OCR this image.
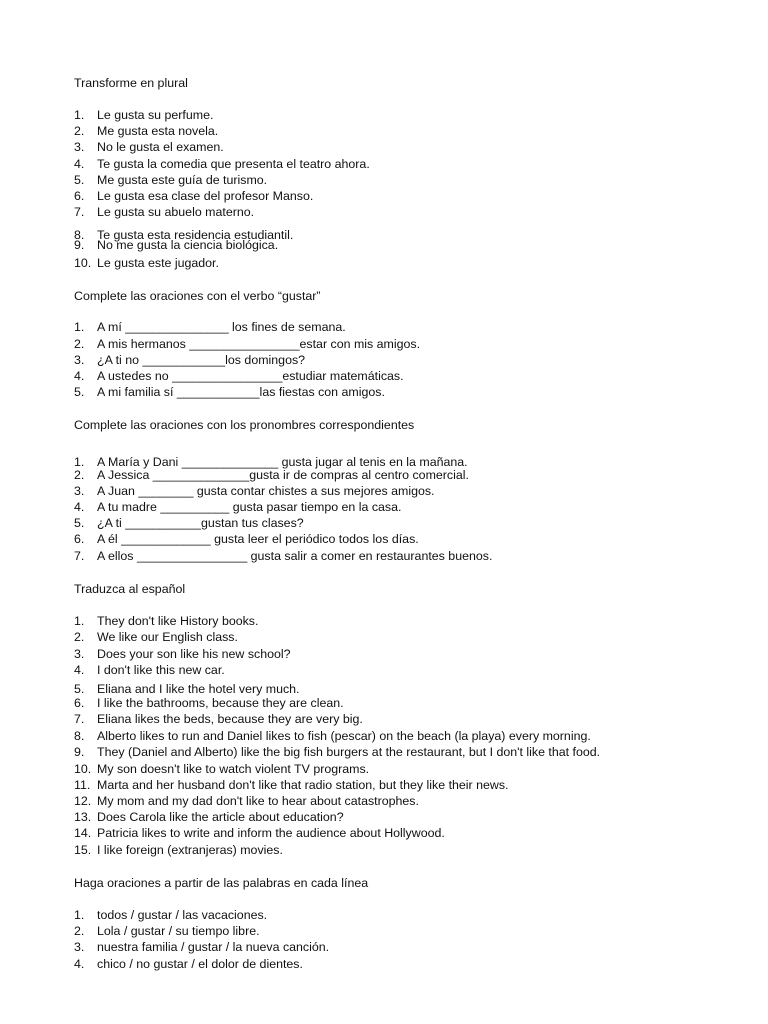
Transforme en plural
1. Le gusta su perfume.
2. Me gusta esta novela.
3. No le gusta el examen.
4. Te gusta la comedia que presenta el teatro ahora.
5. Me gusta este guía de turismo.
6. Le gusta esa clase del profesor Manso.
7. Le gusta su abuelo materno.
8. Te gusta esta residencia estudiantil.
9. No me gusta la ciencia biológica.
10. Le gusta este jugador.
Complete las oraciones con el verbo “gustar”
1. A mí _______________ los fines de semana.
2. A mis hermanos ________________estar con mis amigos.
3. ¿A ti no ____________los domingos?
4. A ustedes no ________________estudiar matemáticas.
5. A mi familia sí ____________las fiestas con amigos.
Complete las oraciones con los pronombres correspondientes
1. A María y Dani ______________ gusta jugar al tenis en la mañana.
2. A Jessica ______________gusta ir de compras al centro comercial.
3. A Juan ________ gusta contar chistes a sus mejores amigos.
4. A tu madre __________ gusta pasar tiempo en la casa.
5. ¿A ti ___________gustan tus clases?
6. A él _____________ gusta leer el periódico todos los días.
7. A ellos ________________ gusta salir a comer en restaurantes buenos.
Traduzca al español
1. They don't like History books.
2. We like our English class.
3. Does your son like his new school?
4. I don't like this new car.
5. Eliana and I like the hotel very much.
6. I like the bathrooms, because they are clean.
7. Eliana likes the beds, because they are very big.
8. Alberto likes to run and Daniel likes to fish (pescar) on the beach (la playa) every morning.
9. They (Daniel and Alberto) like the big fish burgers at the restaurant, but I don't like that food.
10. My son doesn't like to watch violent TV programs.
11. Marta and her husband don't like that radio station, but they like their news.
12. My mom and my dad don't like to hear about catastrophes.
13. Does Carola like the article about education?
14. Patricia likes to write and inform the audience about Hollywood.
15. I like foreign (extranjeras) movies.
Haga oraciones a partir de las palabras en cada línea
1. todos / gustar / las vacaciones.
2. Lola / gustar / su tiempo libre.
3. nuestra familia / gustar / la nueva canción.
4. chico / no gustar / el dolor de dientes.
